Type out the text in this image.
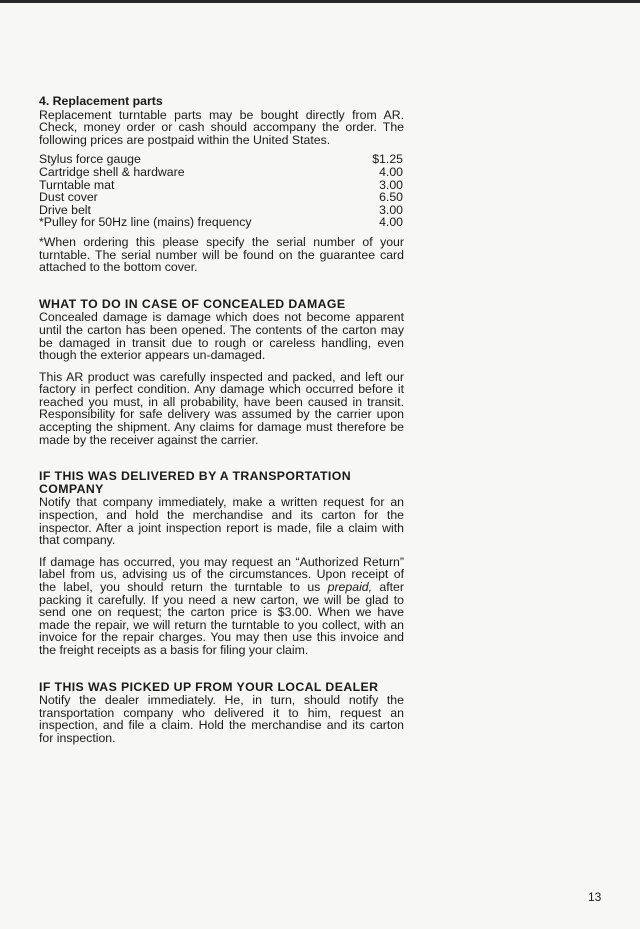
4. Replacement parts

Replacement turntable parts may be bought directly from AR. Check, money order or cash should accompany the order. The following prices are postpaid within the United States.

Stylus force gauge	$1.25
Cartridge shell & hardware	4.00
Turntable mat	3.00
Dust cover	6.50
Drive belt	3.00
*Pulley for 50Hz line (mains) frequency	4.00

*When ordering this please specify the serial number of your turntable. The serial number will be found on the guarantee card attached to the bottom cover.

WHAT TO DO IN CASE OF CONCEALED DAMAGE

Concealed damage is damage which does not become apparent until the carton has been opened. The contents of the carton may be damaged in transit due to rough or careless handling, even though the exterior appears un-damaged.

This AR product was carefully inspected and packed, and left our factory in perfect condition. Any damage which occurred before it reached you must, in all probability, have been caused in transit. Responsibility for safe delivery was assumed by the carrier upon accepting the shipment. Any claims for damage must therefore be made by the receiver against the carrier.

IF THIS WAS DELIVERED BY A TRANSPORTATION COMPANY

Notify that company immediately, make a written request for an inspection, and hold the merchandise and its carton for the inspector. After a joint inspection report is made, file a claim with that company.

If damage has occurred, you may request an “Authorized Return” label from us, advising us of the circumstances. Upon receipt of the label, you should return the turntable to us prepaid, after packing it carefully. If you need a new carton, we will be glad to send one on request; the carton price is $3.00. When we have made the repair, we will return the turntable to you collect, with an invoice for the repair charges. You may then use this invoice and the freight receipts as a basis for filing your claim.

IF THIS WAS PICKED UP FROM YOUR LOCAL DEALER

Notify the dealer immediately. He, in turn, should notify the transportation company who delivered it to him, request an inspection, and file a claim. Hold the merchandise and its carton for inspection.

13
